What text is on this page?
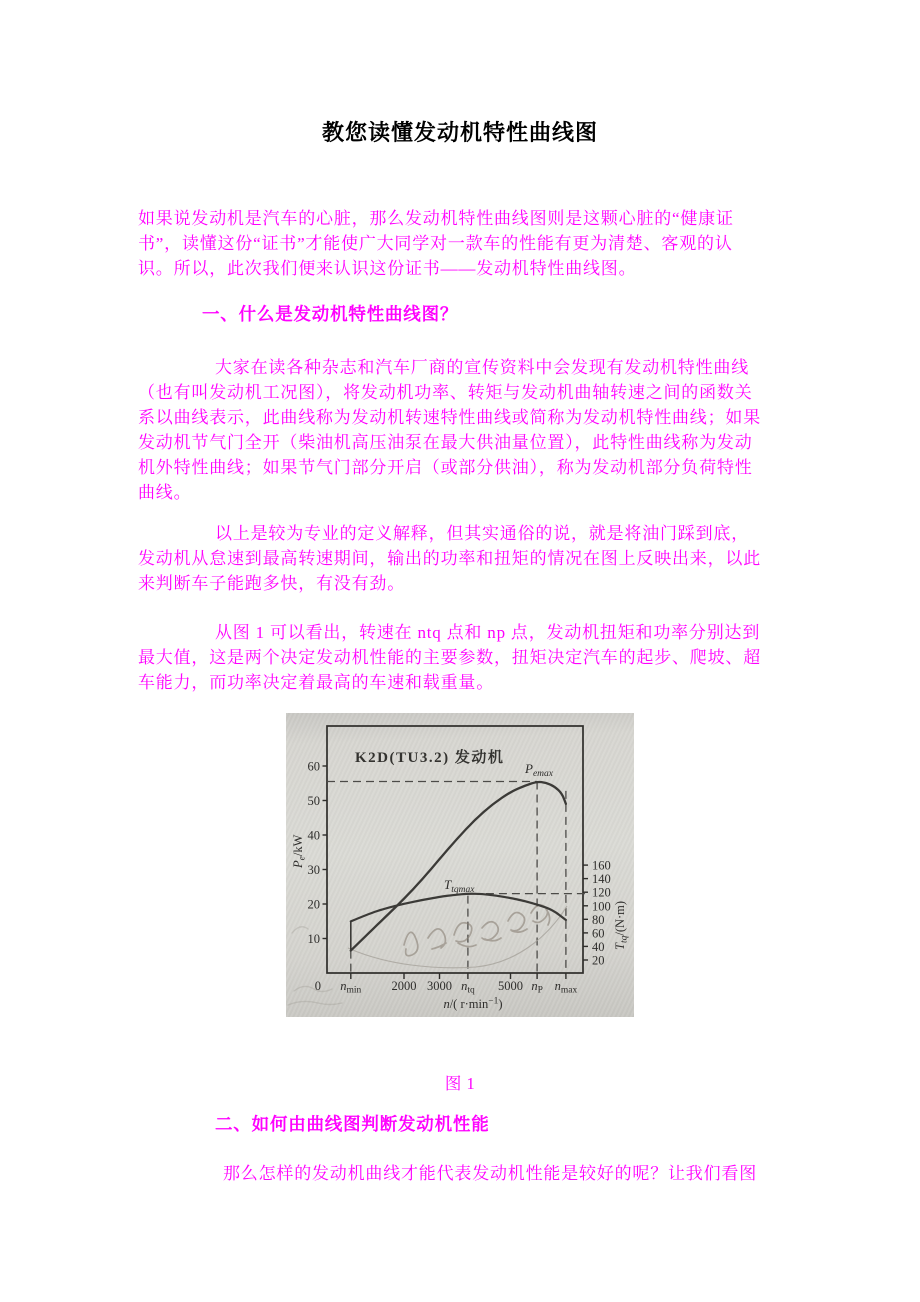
教您读懂发动机特性曲线图
如果说发动机是汽车的心脏，那么发动机特性曲线图则是这颗心脏的“健康证
书”，读懂这份“证书”才能使广大同学对一款车的性能有更为清楚、客观的认
识。所以，此次我们便来认识这份证书——发动机特性曲线图。
一、什么是发动机特性曲线图？
大家在读各种杂志和汽车厂商的宣传资料中会发现有发动机特性曲线
（也有叫发动机工况图），将发动机功率、转矩与发动机曲轴转速之间的函数关
系以曲线表示，此曲线称为发动机转速特性曲线或简称为发动机特性曲线；如果
发动机节气门全开（柴油机高压油泵在最大供油量位置），此特性曲线称为发动
机外特性曲线；如果节气门部分开启（或部分供油），称为发动机部分负荷特性
曲线。
以上是较为专业的定义解释，但其实通俗的说，就是将油门踩到底，
发动机从怠速到最高转速期间，输出的功率和扭矩的情况在图上反映出来，以此
来判断车子能跑多快，有没有劲。
从图 1 可以看出，转速在 ntq 点和 np 点，发动机扭矩和功率分别达到
最大值，这是两个决定发动机性能的主要参数，扭矩决定汽车的起步、爬坡、超
车能力，而功率决定着最高的车速和载重量。
K2D(TU3.2) 发动机
60
50
40
30
20
10
160
140
120
100
80
60
40
20
$n_{min}$ 2000 3000 $n_{tq}$ 5000 $n_P$ $n_{max}$
0
$P_e/kW$
$T_{tq}/(N\cdot m)$
n/( $r\cdot\min^{-1}$)
$P_{emax}$
$T_{tqmax}$
图 1
二、如何由曲线图判断发动机性能
那么怎样的发动机曲线才能代表发动机性能是较好的呢？让我们看图
